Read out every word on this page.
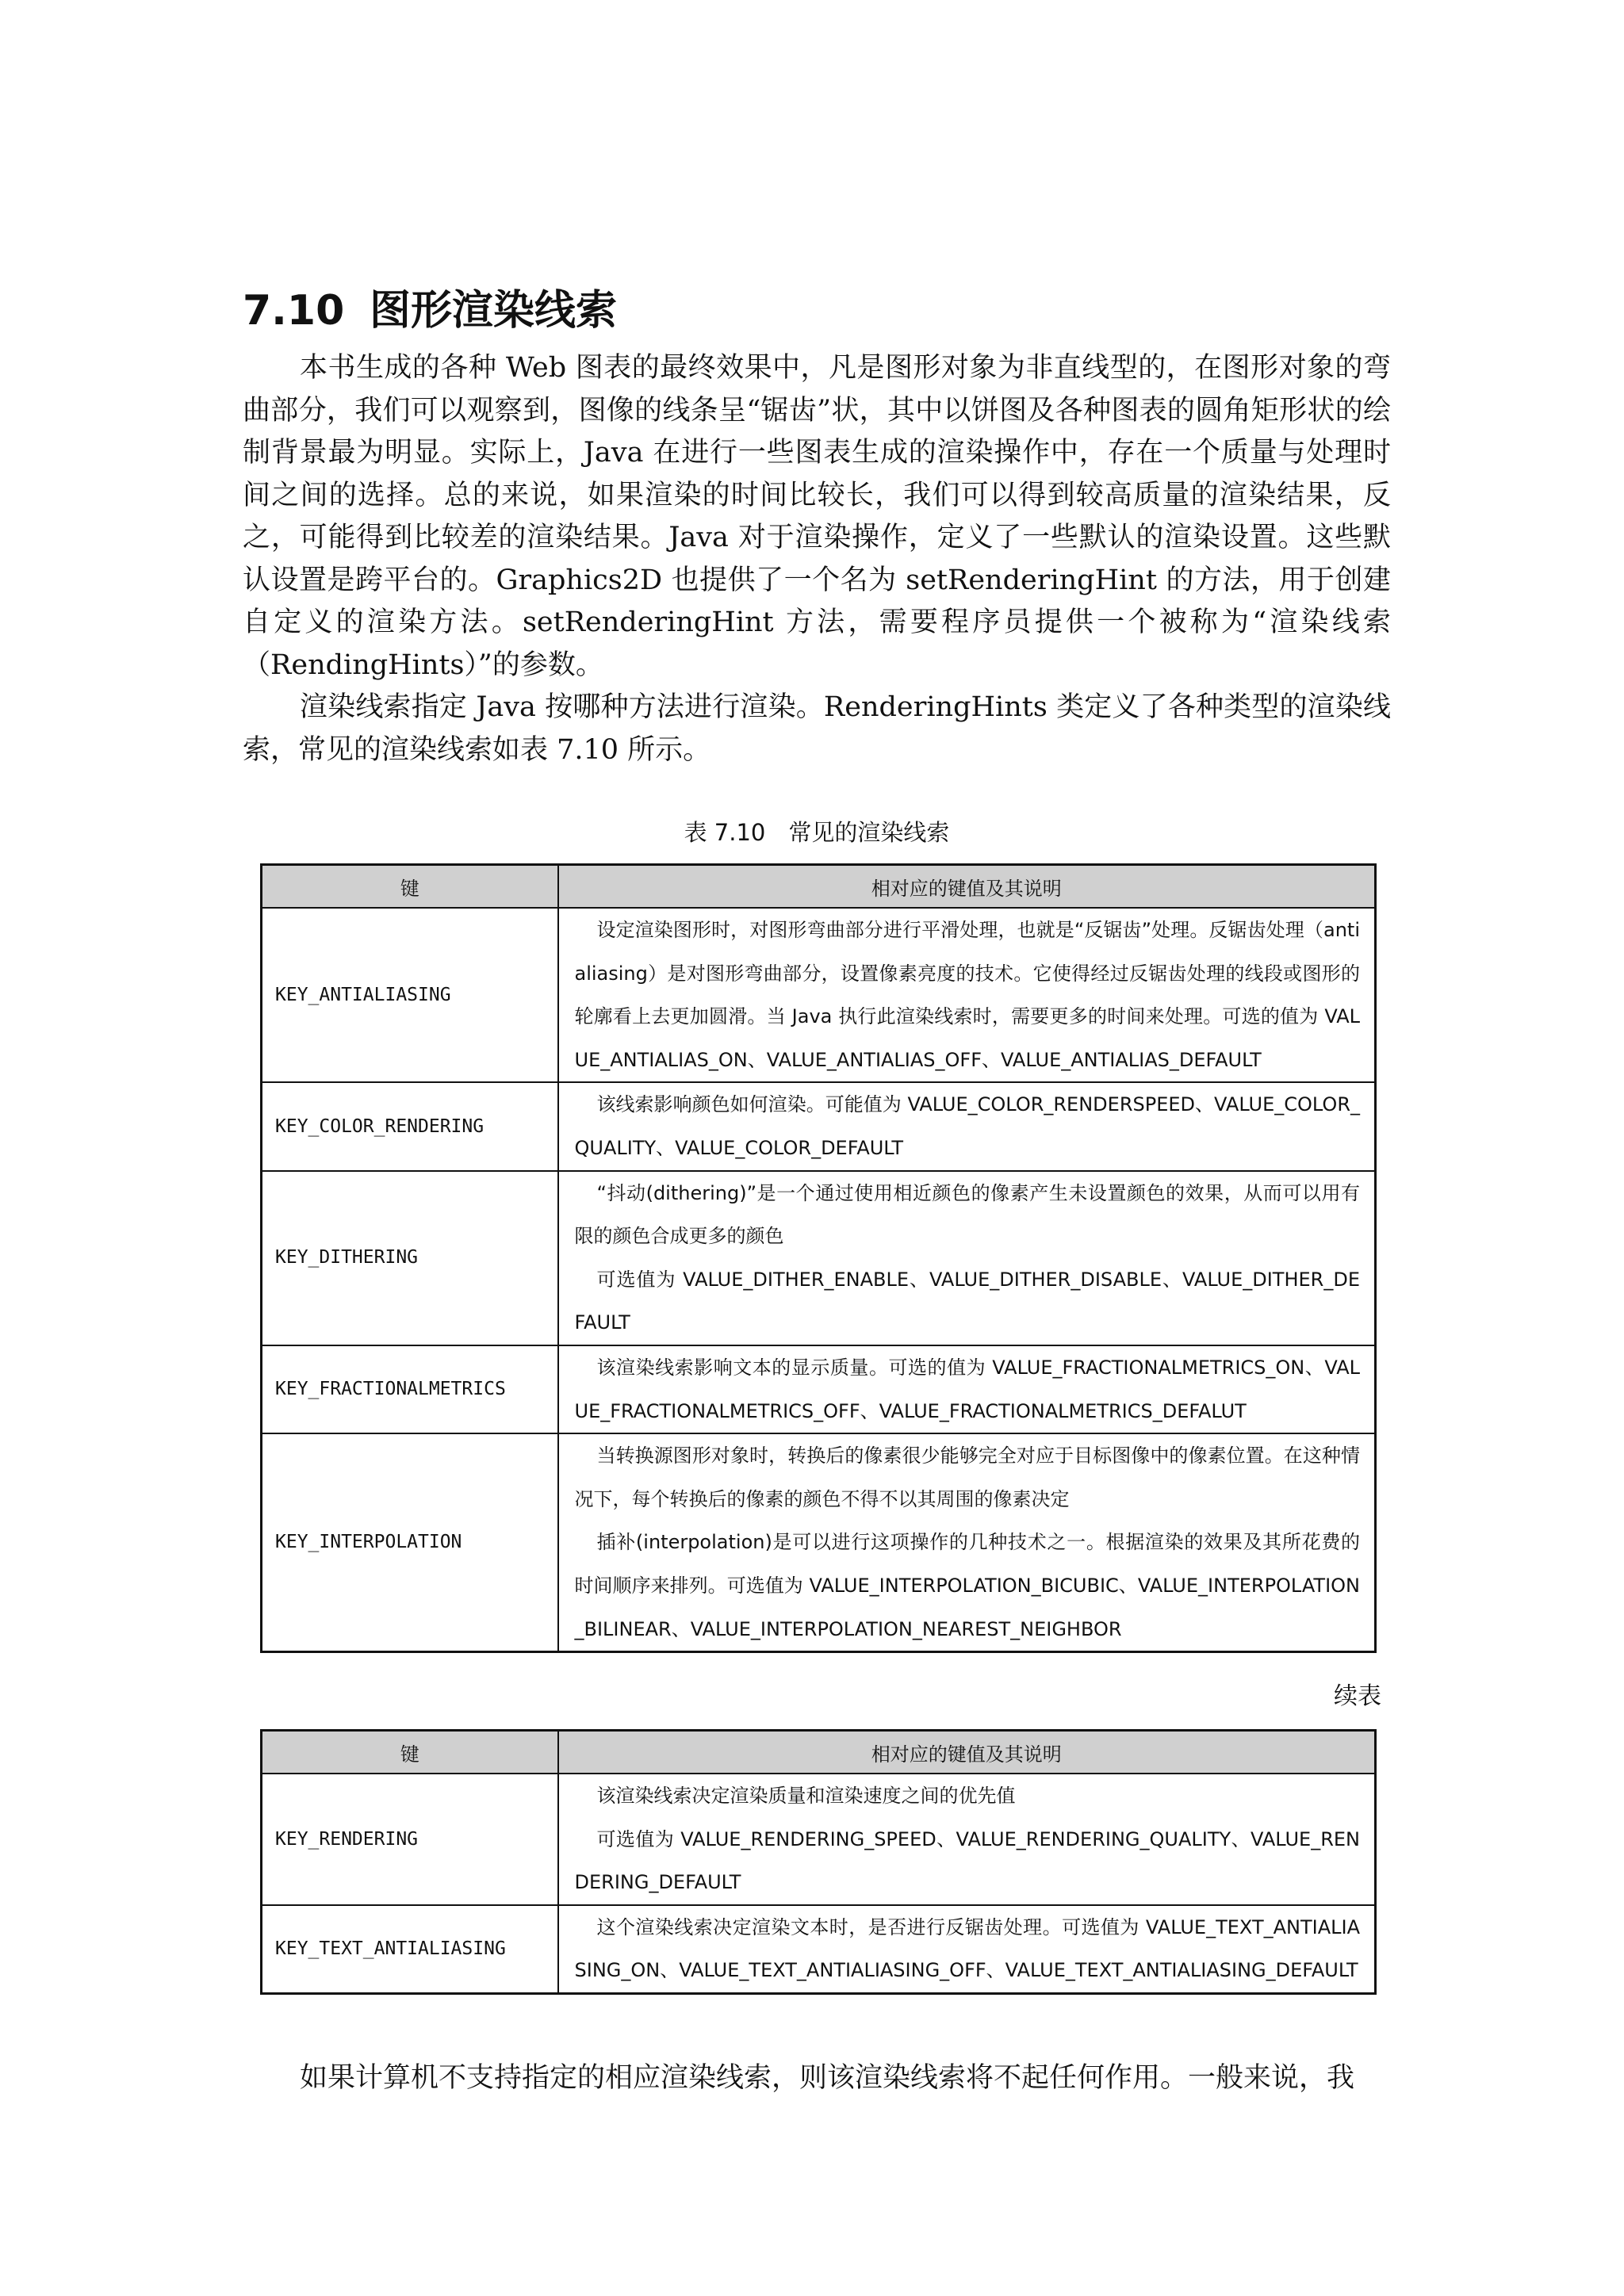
7.10 图形渲染线索

本书生成的各种 Web 图表的最终效果中，凡是图形对象为非直线型的，在图形对象的弯曲部分，我们可以观察到，图像的线条呈“锯齿”状，其中以饼图及各种图表的圆角矩形状的绘制背景最为明显。实际上，Java 在进行一些图表生成的渲染操作中，存在一个质量与处理时间之间的选择。总的来说，如果渲染的时间比较长，我们可以得到较高质量的渲染结果，反之，可能得到比较差的渲染结果。Java 对于渲染操作，定义了一些默认的渲染设置。这些默认设置是跨平台的。Graphics2D 也提供了一个名为 setRenderingHint 的方法，用于创建自定义的渲染方法。setRenderingHint 方法，需要程序员提供一个被称为“渲染线索（RendingHints）”的参数。

渲染线索指定 Java 按哪种方法进行渲染。RenderingHints 类定义了各种类型的渲染线索，常见的渲染线索如表 7.10 所示。

表 7.10　常见的渲染线索
键	相对应的键值及其说明
KEY_ANTIALIASING	设定渲染图形时，对图形弯曲部分进行平滑处理，也就是“反锯齿”处理。反锯齿处理（antialiasing）是对图形弯曲部分，设置像素亮度的技术。它使得经过反锯齿处理的线段或图形的轮廓看上去更加圆滑。当 Java 执行此渲染线索时，需要更多的时间来处理。可选的值为 VALUE_ANTIALIAS_ON、VALUE_ANTIALIAS_OFF、VALUE_ANTIALIAS_DEFAULT

KEY_COLOR_RENDERING	该线索影响颜色如何渲染。可能值为 VALUE_COLOR_RENDERSPEED、VALUE_COLOR_QUALITY、VALUE_COLOR_DEFAULT

KEY_DITHERING	“抖动(dithering)”是一个通过使用相近颜色的像素产生未设置颜色的效果，从而可以用有限的颜色合成更多的颜色
可选值为 VALUE_DITHER_ENABLE、VALUE_DITHER_DISABLE、VALUE_DITHER_DEFAULT

KEY_FRACTIONALMETRICS	该渲染线索影响文本的显示质量。可选的值为 VALUE_FRACTIONALMETRICS_ON、VALUE_FRACTIONALMETRICS_OFF、VALUE_FRACTIONALMETRICS_DEFALUT

KEY_INTERPOLATION	当转换源图形对象时，转换后的像素很少能够完全对应于目标图像中的像素位置。在这种情况下，每个转换后的像素的颜色不得不以其周围的像素决定
插补(interpolation)是可以进行这项操作的几种技术之一。根据渲染的效果及其所花费的时间顺序来排列。可选值为 VALUE_INTERPOLATION_BICUBIC、VALUE_INTERPOLATION_BILINEAR、VALUE_INTERPOLATION_NEAREST_NEIGHBOR
续表
键	相对应的键值及其说明
KEY_RENDERING	该渲染线索决定渲染质量和渲染速度之间的优先值
可选值为 VALUE_RENDERING_SPEED、VALUE_RENDERING_QUALITY、VALUE_RENDERING_DEFAULT

KEY_TEXT_ANTIALIASING	这个渲染线索决定渲染文本时，是否进行反锯齿处理。可选值为 VALUE_TEXT_ANTIALIASING_ON、VALUE_TEXT_ANTIALIASING_OFF、VALUE_TEXT_ANTIALIASING_DEFAULT

如果计算机不支持指定的相应渲染线索，则该渲染线索将不起任何作用。一般来说，我
